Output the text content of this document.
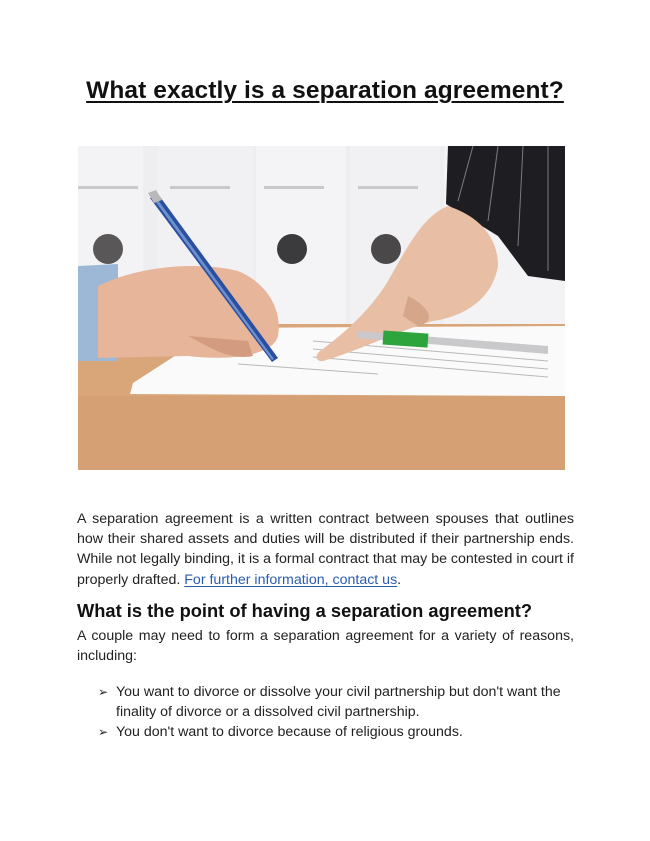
What exactly is a separation agreement?

A separation agreement is a written contract between spouses that outlines how their shared assets and duties will be distributed if their partnership ends. While not legally binding, it is a formal contract that may be contested in court if properly drafted. For further information, contact us.

What is the point of having a separation agreement?

A couple may need to form a separation agreement for a variety of reasons, including:

➢ You want to divorce or dissolve your civil partnership but don't want the finality of divorce or a dissolved civil partnership.
➢ You don't want to divorce because of religious grounds.
